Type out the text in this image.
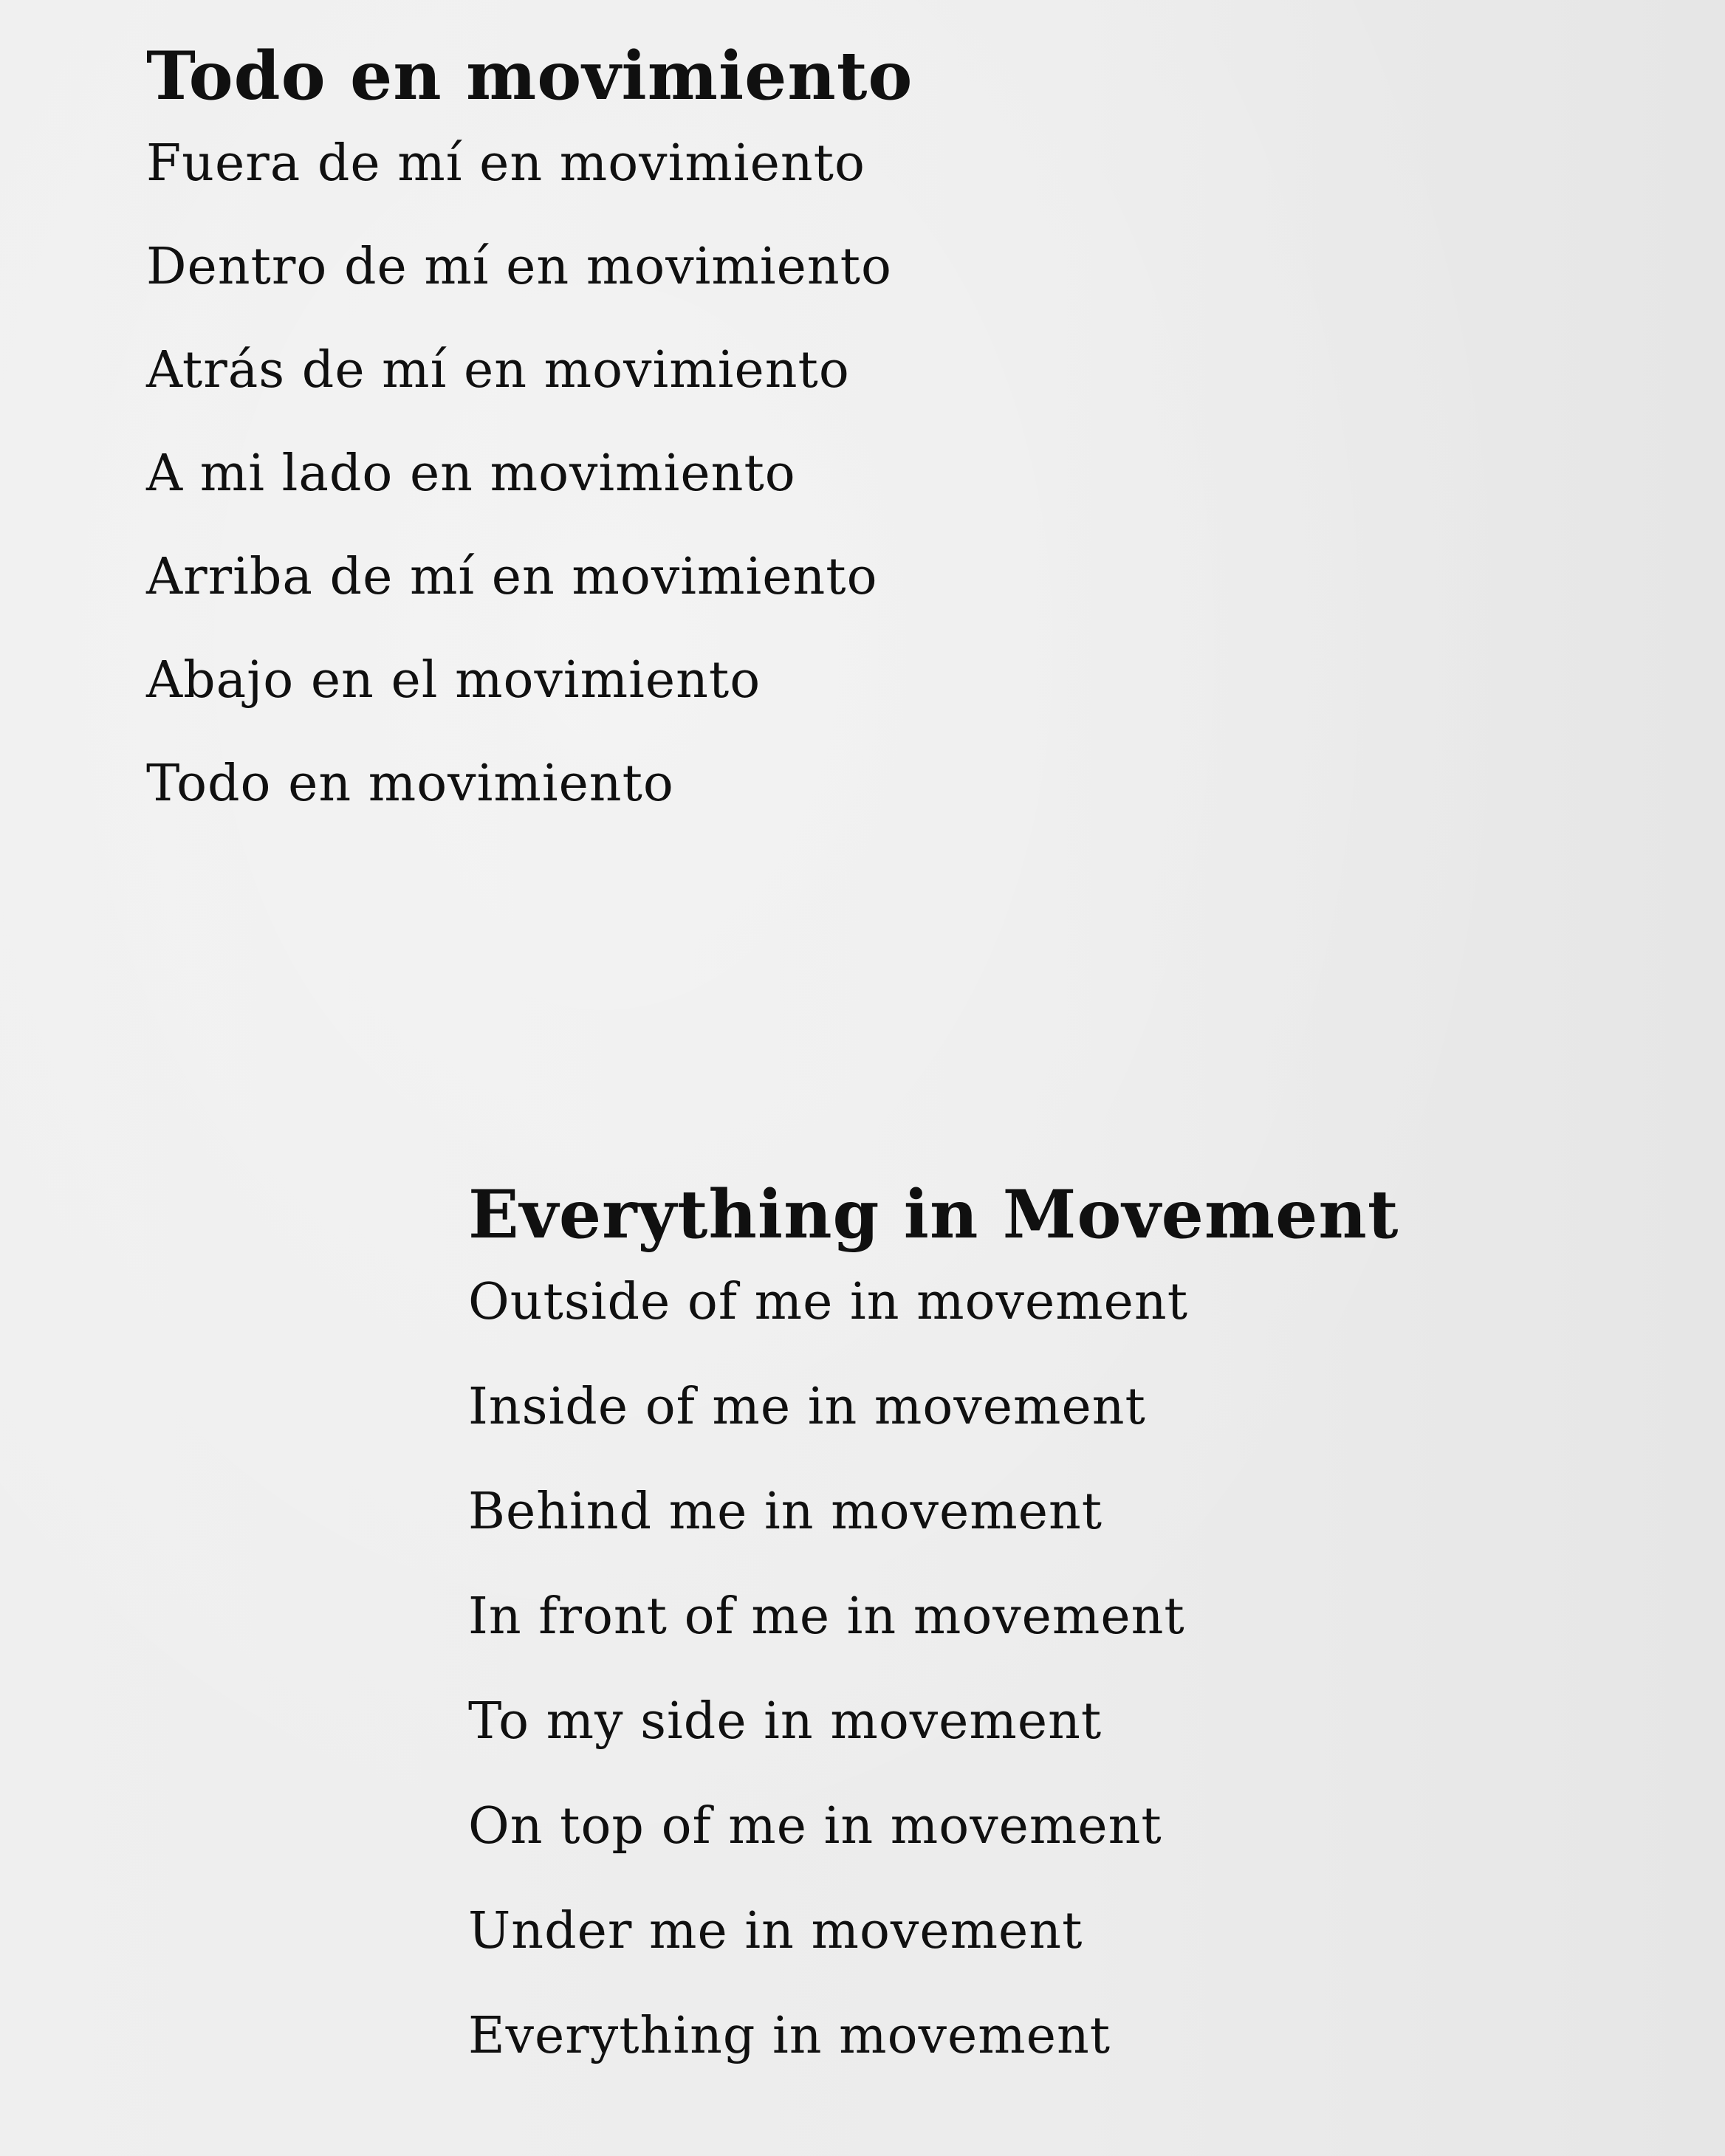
Todo en movimiento
Fuera de mí en movimiento
Dentro de mí en movimiento
Atrás de mí en movimiento
A mi lado en movimiento
Arriba de mí en movimiento
Abajo en el movimiento
Todo en movimiento
Everything in Movement
Outside of me in movement
Inside of me in movement
Behind me in movement
In front of me in movement
To my side in movement
On top of me in movement
Under me in movement
Everything in movement
